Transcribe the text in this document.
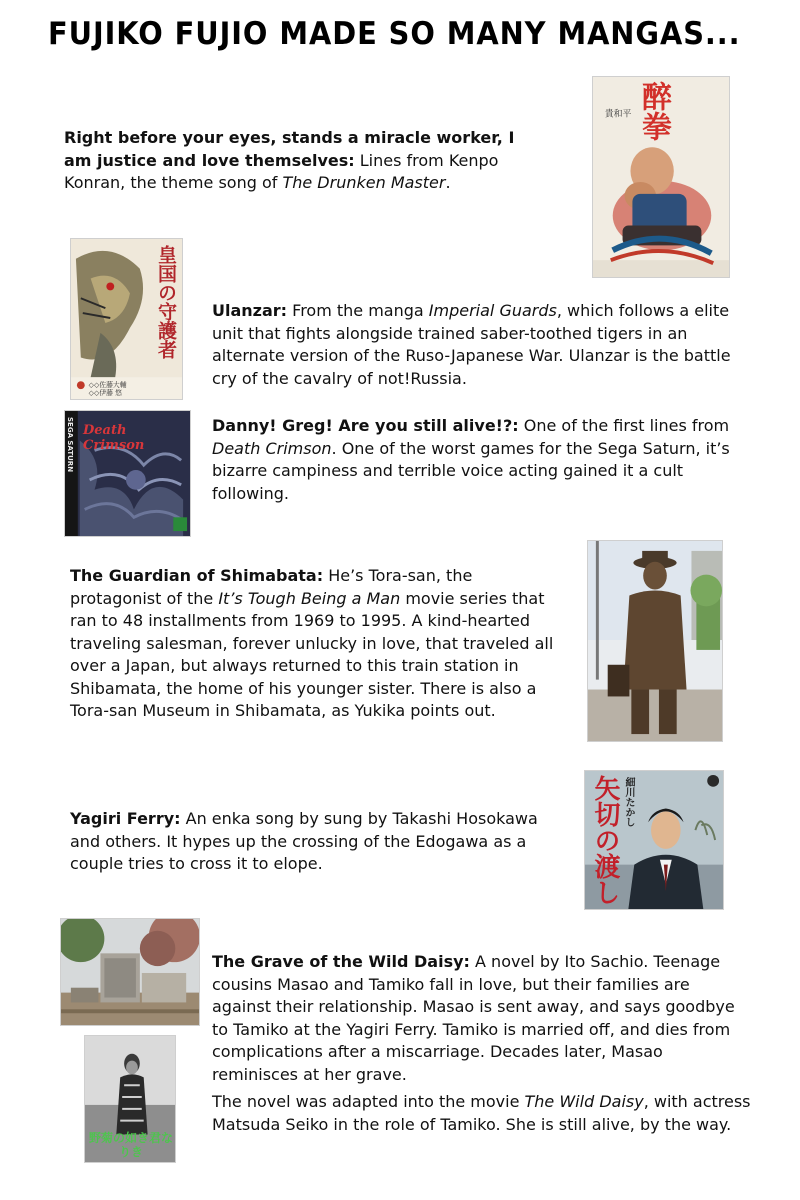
FUJIKO FUJIO MADE SO MANY MANGAS...
Right before your eyes, stands a miracle worker, I am justice and love themselves: Lines from Kenpo Konran, the theme song of The Drunken Master.
貴和平 醉拳
◇◇佐藤大輔
◇◇伊藤 悠
皇国の守護者 Ulanzar: From the manga Imperial Guards, which follows a elite unit that fights alongside trained saber-toothed tigers in an alternate version of the Ruso-Japanese War. Ulanzar is the battle cry of the cavalry of not!Russia.
Death Crimson
SEGA SATURN	Danny! Greg! Are you still alive!?: One of the first lines from Death Crimson. One of the worst games for the Sega Saturn, it’s bizarre campiness and terrible voice acting gained it a cult following.
The Guardian of Shimabata: He’s Tora-san, the protagonist of the It’s Tough Being a Man movie series that ran to 48 installments from 1969 to 1995. A kind-hearted traveling salesman, forever unlucky in love, that traveled all over a Japan, but always returned to this train station in Shibamata, the home of his younger sister. There is also a Tora-san Museum in Shibamata, as Yukika points out.
Yagiri Ferry: An enka song by sung by Takashi Hosokawa and others. It hypes up the crossing of the Edogawa as a couple tries to cross it to elope.	矢切の渡し 細川たかし
野菊の如き君なりき
The Grave of the Wild Daisy: A novel by Ito Sachio. Teenage cousins Masao and Tamiko fall in love, but their families are against their relationship. Masao is sent away, and says goodbye to Tamiko at the Yagiri Ferry. Tamiko is married off, and dies from complications after a miscarriage. Decades later, Masao reminisces at her grave.
The novel was adapted into the movie The Wild Daisy, with actress Matsuda Seiko in the role of Tamiko. She is still alive, by the way.
